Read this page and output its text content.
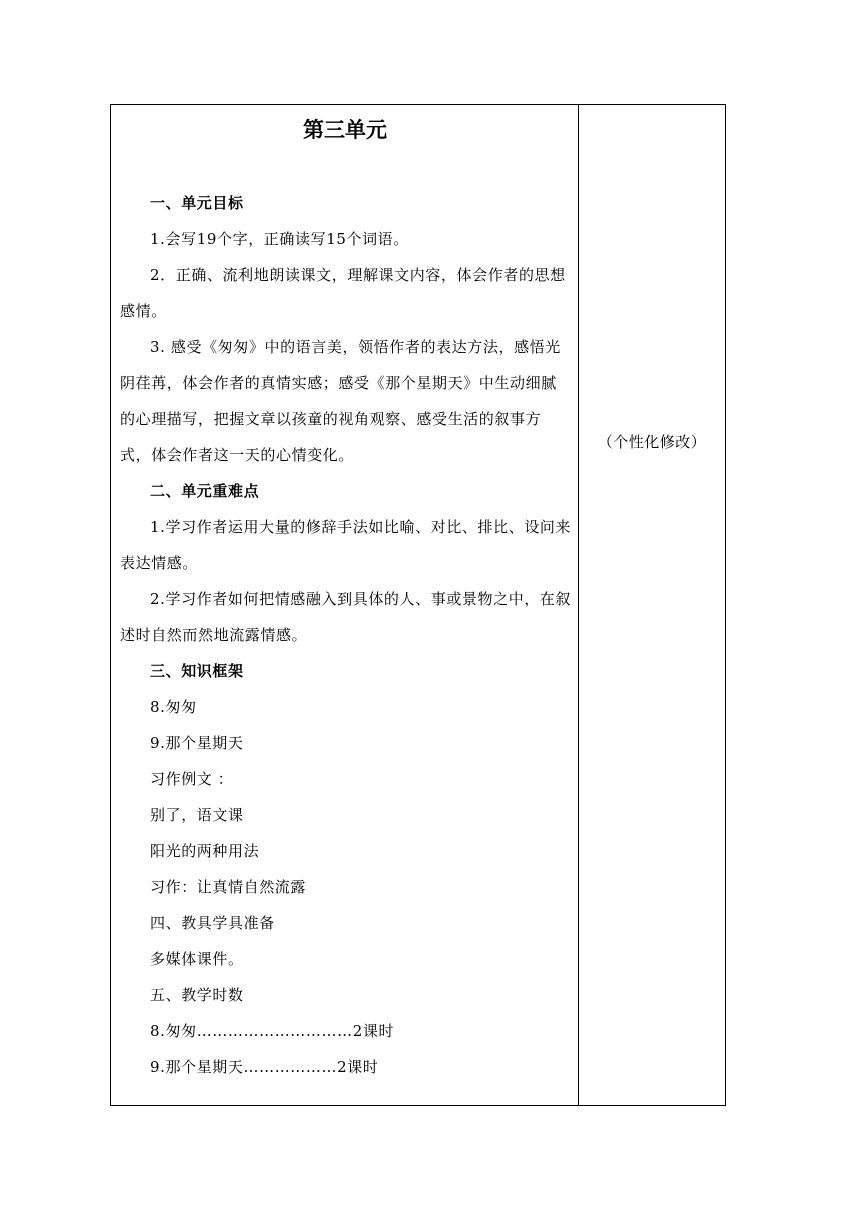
第三单元

一、单元目标

1.会写19个字，正确读写15个词语。

2．正确、流利地朗读课文，理解课文内容，体会作者的思想感情。

3. 感受《匆匆》中的语言美，领悟作者的表达方法，感悟光阴荏苒，体会作者的真情实感；感受《那个星期天》中生动细腻的心理描写，把握文章以孩童的视角观察、感受生活的叙事方式，体会作者这一天的心情变化。

二、单元重难点

1.学习作者运用大量的修辞手法如比喻、对比、排比、设问来表达情感。

2.学习作者如何把情感融入到具体的人、事或景物之中，在叙述时自然而然地流露情感。

三、知识框架

8.匆匆

9.那个星期天

习作例文 ：

别了，语文课

阳光的两种用法

习作：让真情自然流露

四、教具学具准备

多媒体课件。

五、教学时数

8.匆匆…………………………2课时

9.那个星期天………………2课时

（个性化修改）
